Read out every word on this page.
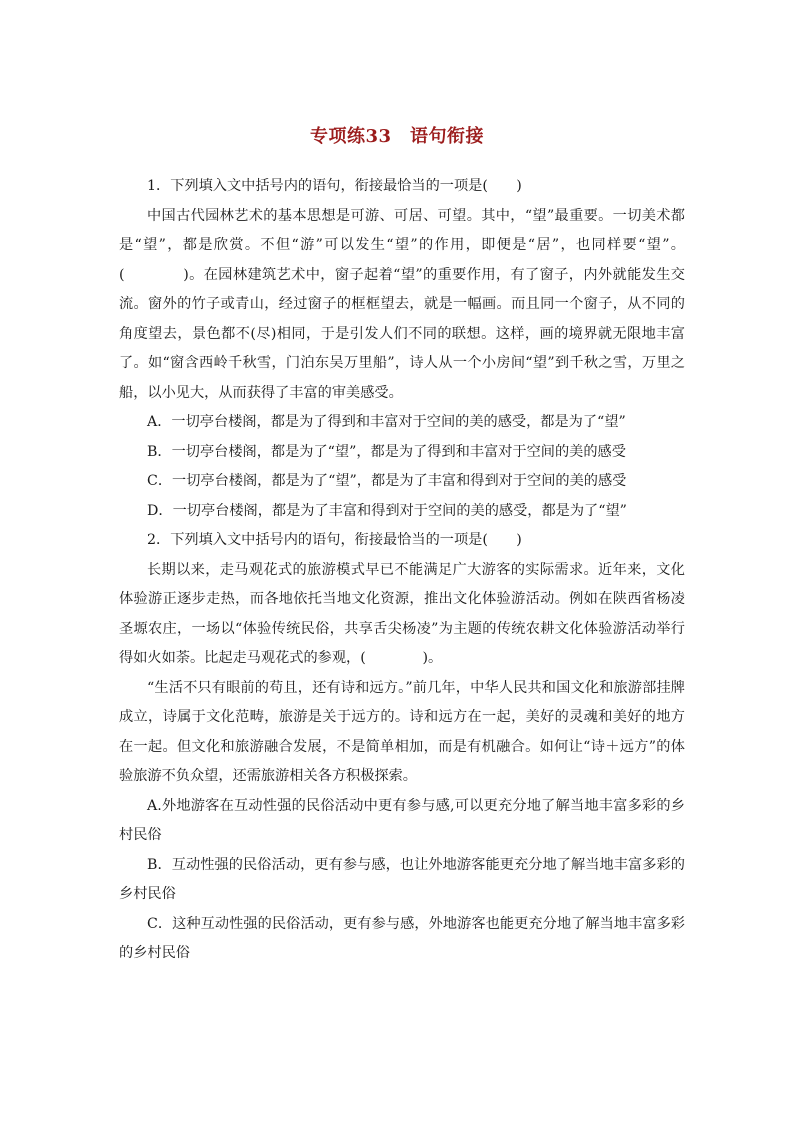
专项练33　语句衔接

1．下列填入文中括号内的语句，衔接最恰当的一项是(　　)

中国古代园林艺术的基本思想是可游、可居、可望。其中，“望”最重要。一切美术都是“望”，都是欣赏。不但“游”可以发生“望”的作用，即便是“居”，也同样要“望”。(　　　　)。在园林建筑艺术中，窗子起着“望”的重要作用，有了窗子，内外就能发生交流。窗外的竹子或青山，经过窗子的框框望去，就是一幅画。而且同一个窗子，从不同的角度望去，景色都不(尽)相同，于是引发人们不同的联想。这样，画的境界就无限地丰富了。如“窗含西岭千秋雪，门泊东吴万里船”，诗人从一个小房间“望”到千秋之雪，万里之船，以小见大，从而获得了丰富的审美感受。

A．一切亭台楼阁，都是为了得到和丰富对于空间的美的感受，都是为了“望”

B．一切亭台楼阁，都是为了“望”，都是为了得到和丰富对于空间的美的感受

C．一切亭台楼阁，都是为了“望”，都是为了丰富和得到对于空间的美的感受

D．一切亭台楼阁，都是为了丰富和得到对于空间的美的感受，都是为了“望”

2．下列填入文中括号内的语句，衔接最恰当的一项是(　　)

长期以来，走马观花式的旅游模式早已不能满足广大游客的实际需求。近年来，文化体验游正逐步走热，而各地依托当地文化资源，推出文化体验游活动。例如在陕西省杨凌圣塬农庄，一场以“体验传统民俗，共享舌尖杨凌”为主题的传统农耕文化体验游活动举行得如火如荼。比起走马观花式的参观，(　　　　)。

“生活不只有眼前的苟且，还有诗和远方。”前几年，中华人民共和国文化和旅游部挂牌成立，诗属于文化范畴，旅游是关于远方的。诗和远方在一起，美好的灵魂和美好的地方在一起。但文化和旅游融合发展，不是简单相加，而是有机融合。如何让“诗＋远方”的体验旅游不负众望，还需旅游相关各方积极探索。

A.外地游客在互动性强的民俗活动中更有参与感,可以更充分地了解当地丰富多彩的乡村民俗

B．互动性强的民俗活动，更有参与感，也让外地游客能更充分地了解当地丰富多彩的乡村民俗

C．这种互动性强的民俗活动，更有参与感，外地游客也能更充分地了解当地丰富多彩的乡村民俗
